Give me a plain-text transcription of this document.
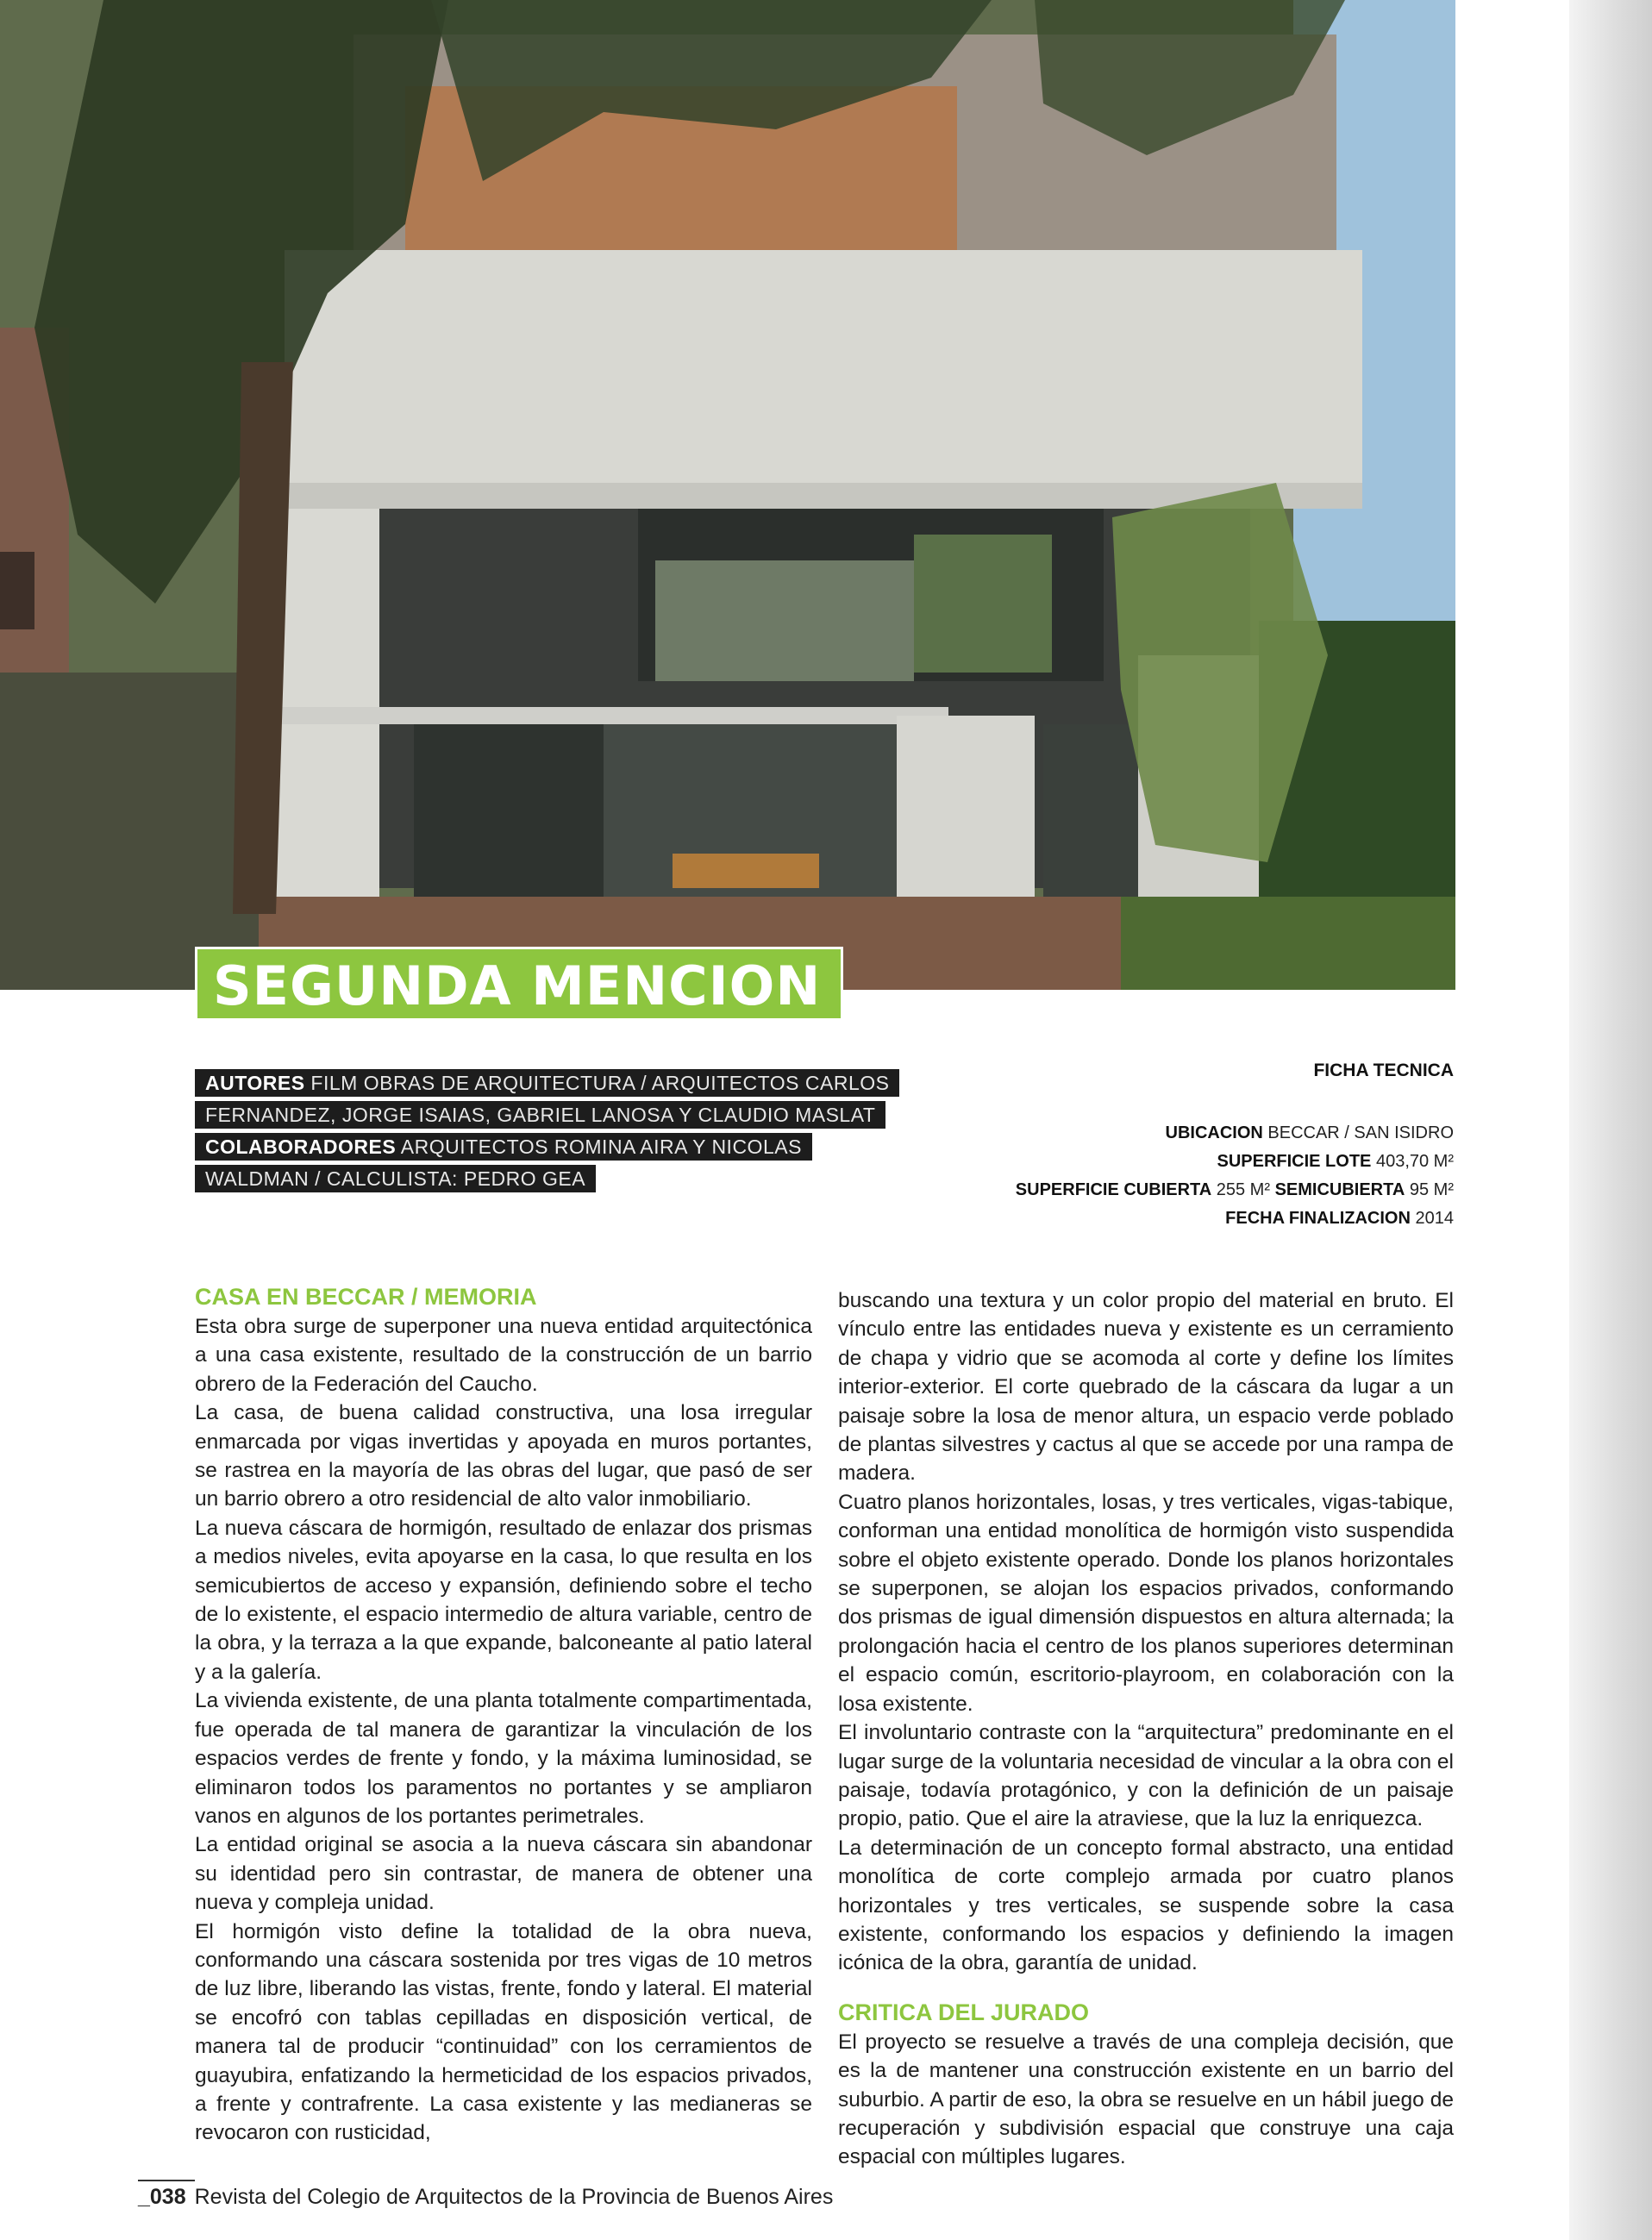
SEGUNDA MENCION
AUTORES FILM OBRAS DE ARQUITECTURA / ARQUITECTOS CARLOS
FERNANDEZ, JORGE ISAIAS, GABRIEL LANOSA Y CLAUDIO MASLAT
COLABORADORES ARQUITECTOS ROMINA AIRA Y NICOLAS
WALDMAN / CALCULISTA: PEDRO GEA
FICHA TECNICA
UBICACION BECCAR / SAN ISIDRO
SUPERFICIE LOTE 403,70 M²
SUPERFICIE CUBIERTA 255 M² SEMICUBIERTA 95 M²
FECHA FINALIZACION 2014
CASA EN BECCAR / MEMORIA

Esta obra surge de superponer una nueva entidad arquitectónica a una casa existente, resultado de la construcción de un barrio obrero de la Federación del Caucho.

La casa, de buena calidad constructiva, una losa irregular enmarcada por vigas invertidas y apoyada en muros portantes, se rastrea en la mayoría de las obras del lugar, que pasó de ser un barrio obrero a otro residencial de alto valor inmobiliario.

La nueva cáscara de hormigón, resultado de enlazar dos prismas a medios niveles, evita apoyarse en la casa, lo que resulta en los semicubiertos de acceso y expansión, definiendo sobre el techo de lo existente, el espacio intermedio de altura variable, centro de la obra, y la terraza a la que expande, balconeante al patio lateral y a la galería.

La vivienda existente, de una planta totalmente compartimentada, fue operada de tal manera de garantizar la vinculación de los espacios verdes de frente y fondo, y la máxima luminosidad, se eliminaron todos los paramentos no portantes y se ampliaron vanos en algunos de los portantes perimetrales.

La entidad original se asocia a la nueva cáscara sin abandonar su identidad pero sin contrastar, de manera de obtener una nueva y compleja unidad.

El hormigón visto define la totalidad de la obra nueva, conformando una cáscara sostenida por tres vigas de 10 metros de luz libre, liberando las vistas, frente, fondo y lateral. El material se encofró con tablas cepilladas en disposición vertical, de manera tal de producir “continuidad” con los cerramientos de guayubira, enfatizando la hermeticidad de los espacios privados, a frente y contrafrente. La casa existente y las medianeras se revocaron con rusticidad,

buscando una textura y un color propio del material en bruto. El vínculo entre las entidades nueva y existente es un cerramiento de chapa y vidrio que se acomoda al corte y define los límites interior-exterior. El corte quebrado de la cáscara da lugar a un paisaje sobre la losa de menor altura, un espacio verde poblado de plantas silvestres y cactus al que se accede por una rampa de madera.

Cuatro planos horizontales, losas, y tres verticales, vigas-tabique, conforman una entidad monolítica de hormigón visto suspendida sobre el objeto existente operado. Donde los planos horizontales se superponen, se alojan los espacios privados, conformando dos prismas de igual dimensión dispuestos en altura alternada; la prolongación hacia el centro de los planos superiores determinan el espacio común, escritorio-playroom, en colaboración con la losa existente.

El involuntario contraste con la “arquitectura” predominante en el lugar surge de la voluntaria necesidad de vincular a la obra con el paisaje, todavía protagónico, y con la definición de un paisaje propio, patio. Que el aire la atraviese, que la luz la enriquezca.

La determinación de un concepto formal abstracto, una entidad monolítica de corte complejo armada por cuatro planos horizontales y tres verticales, se suspende sobre la casa existente, conformando los espacios y definiendo la imagen icónica de la obra, garantía de unidad.

CRITICA DEL JURADO

El proyecto se resuelve a través de una compleja decisión, que es la de mantener una construcción existente en un barrio del suburbio. A partir de eso, la obra se resuelve en un hábil juego de recuperación y subdivisión espacial que construye una caja espacial con múltiples lugares.

_038 Revista del Colegio de Arquitectos de la Provincia de Buenos Aires
